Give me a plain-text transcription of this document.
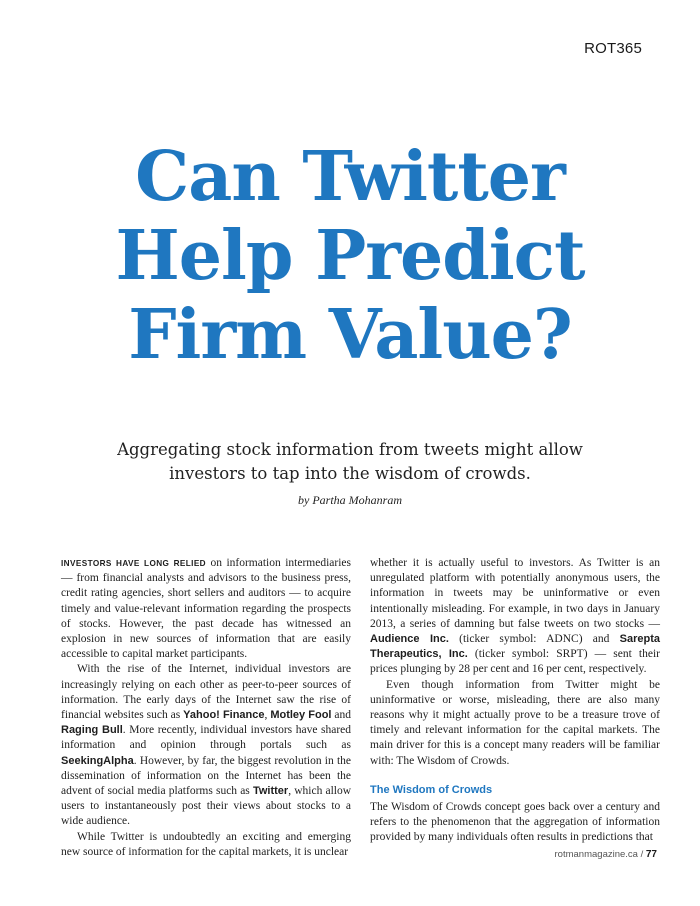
ROT365
Can Twitter
Help Predict
Firm Value?

Aggregating stock information from tweets might allow investors to tap into the wisdom of crowds.

by Partha Mohanram

INVESTORS HAVE LONG RELIED on information intermediaries — from financial analysts and advisors to the business press, credit rating agencies, short sellers and auditors — to acquire timely and value-relevant information regarding the prospects of stocks. However, the past decade has witnessed an explosion in new sources of information that are easily accessible to capital market participants.

With the rise of the Internet, individual investors are increasingly relying on each other as peer-to-peer sources of information. The early days of the Internet saw the rise of financial websites such as Yahoo! Finance, Motley Fool and Raging Bull. More recently, individual investors have shared information and opinion through portals such as SeekingAlpha. However, by far, the biggest revolution in the dissemination of information on the Internet has been the advent of social media platforms such as Twitter, which allow users to instantaneously post their views about stocks to a wide audience.

While Twitter is undoubtedly an exciting and emerging new source of information for the capital markets, it is unclear

whether it is actually useful to investors. As Twitter is an unregulated platform with potentially anonymous users, the information in tweets may be uninformative or even intentionally misleading. For example, in two days in January 2013, a series of damning but false tweets on two stocks — Audience Inc. (ticker symbol: ADNC) and Sarepta Therapeutics, Inc. (ticker symbol: SRPT) — sent their prices plunging by 28 per cent and 16 per cent, respectively.

Even though information from Twitter might be uninformative or worse, misleading, there are also many reasons why it might actually prove to be a treasure trove of timely and relevant information for the capital markets. The main driver for this is a concept many readers will be familiar with: The Wisdom of Crowds.

The Wisdom of Crowds

The Wisdom of Crowds concept goes back over a century and refers to the phenomenon that the aggregation of information provided by many individuals often results in predictions that

rotmanmagazine.ca / 77
